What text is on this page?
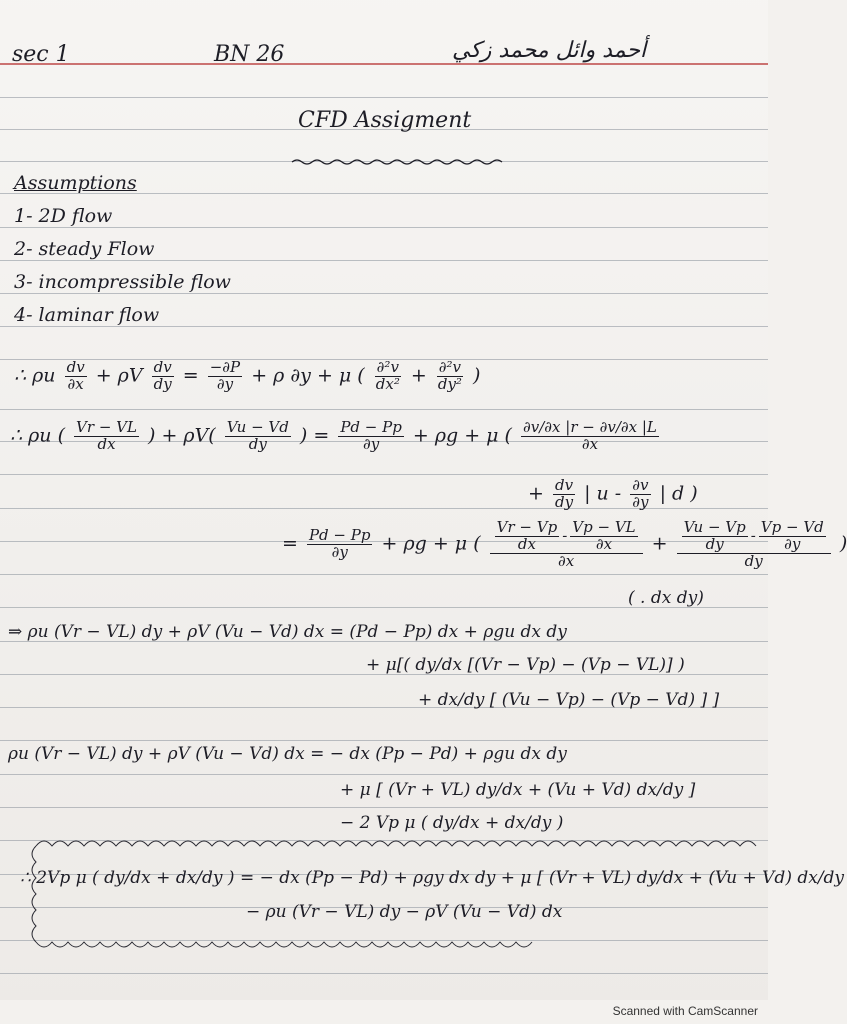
sec 1	BN 26	أحمد وائل محمد زكي
CFD Assigment
Assumptions
1- 2D flow
2- steady Flow
3- incompressible flow
4- laminar flow
∴ ρu $\frac{dv}{\partial x} + \rho V \frac{dv}{dy} = \frac{-\partial P}{\partial y} + \rho$ ∂y + μ ( $\frac{\text{∂²v}}{\text{dx²}} + \frac{\text{∂²v}}{\text{dy²}}$ )
∴ ρu ( $\frac{Vr - VL}{dx}$ ) + $\rho V( \frac{Vu - Vd}{dy}$ ) = $\frac{Pd - Pp}{\partial y} + \rho g + \mu$ ( $\frac{\partial v/\partial x |r - \partial v/\partial x |L}{\partial x}$
+ $\frac{dv}{dy}$ | u - $\frac{\partial v}{\partial y}$ | d )
= $\frac{Pd - Pp}{\partial y} + \rho g + \mu$ ( $\frac{\frac{Vr - Vp}{dx} - \frac{Vp - VL}{\partial x}}{\partial x} + \frac{\frac{Vu - Vp}{dy} - \frac{Vp - Vd}{\partial y}}{dy}$ )
( . dx dy)
⇒ ρu (Vr − VL) dy + ρV (Vu − Vd) dx = (Pd − Pp) dx + ρgu dx dy
+ μ[( dy/dx [(Vr − Vp) − (Vp − VL)] )
+ dx/dy [ (Vu − Vp) − (Vp − Vd) ] ]
ρu (Vr − VL) dy + ρV (Vu − Vd) dx = − dx (Pp − Pd) + ρgu dx dy
+ μ [ (Vr + VL) dy/dx + (Vu + Vd) dx/dy ]
− 2 Vp μ ( dy/dx + dx/dy )
∴ 2Vp μ ( dy/dx + dx/dy ) = − dx (Pp − Pd) + ρgy dx dy + μ [ (Vr + VL) dy/dx + (Vu + Vd) dx/dy
− ρu (Vr − VL) dy − ρV (Vu − Vd) dx
Scanned with CamScanner
